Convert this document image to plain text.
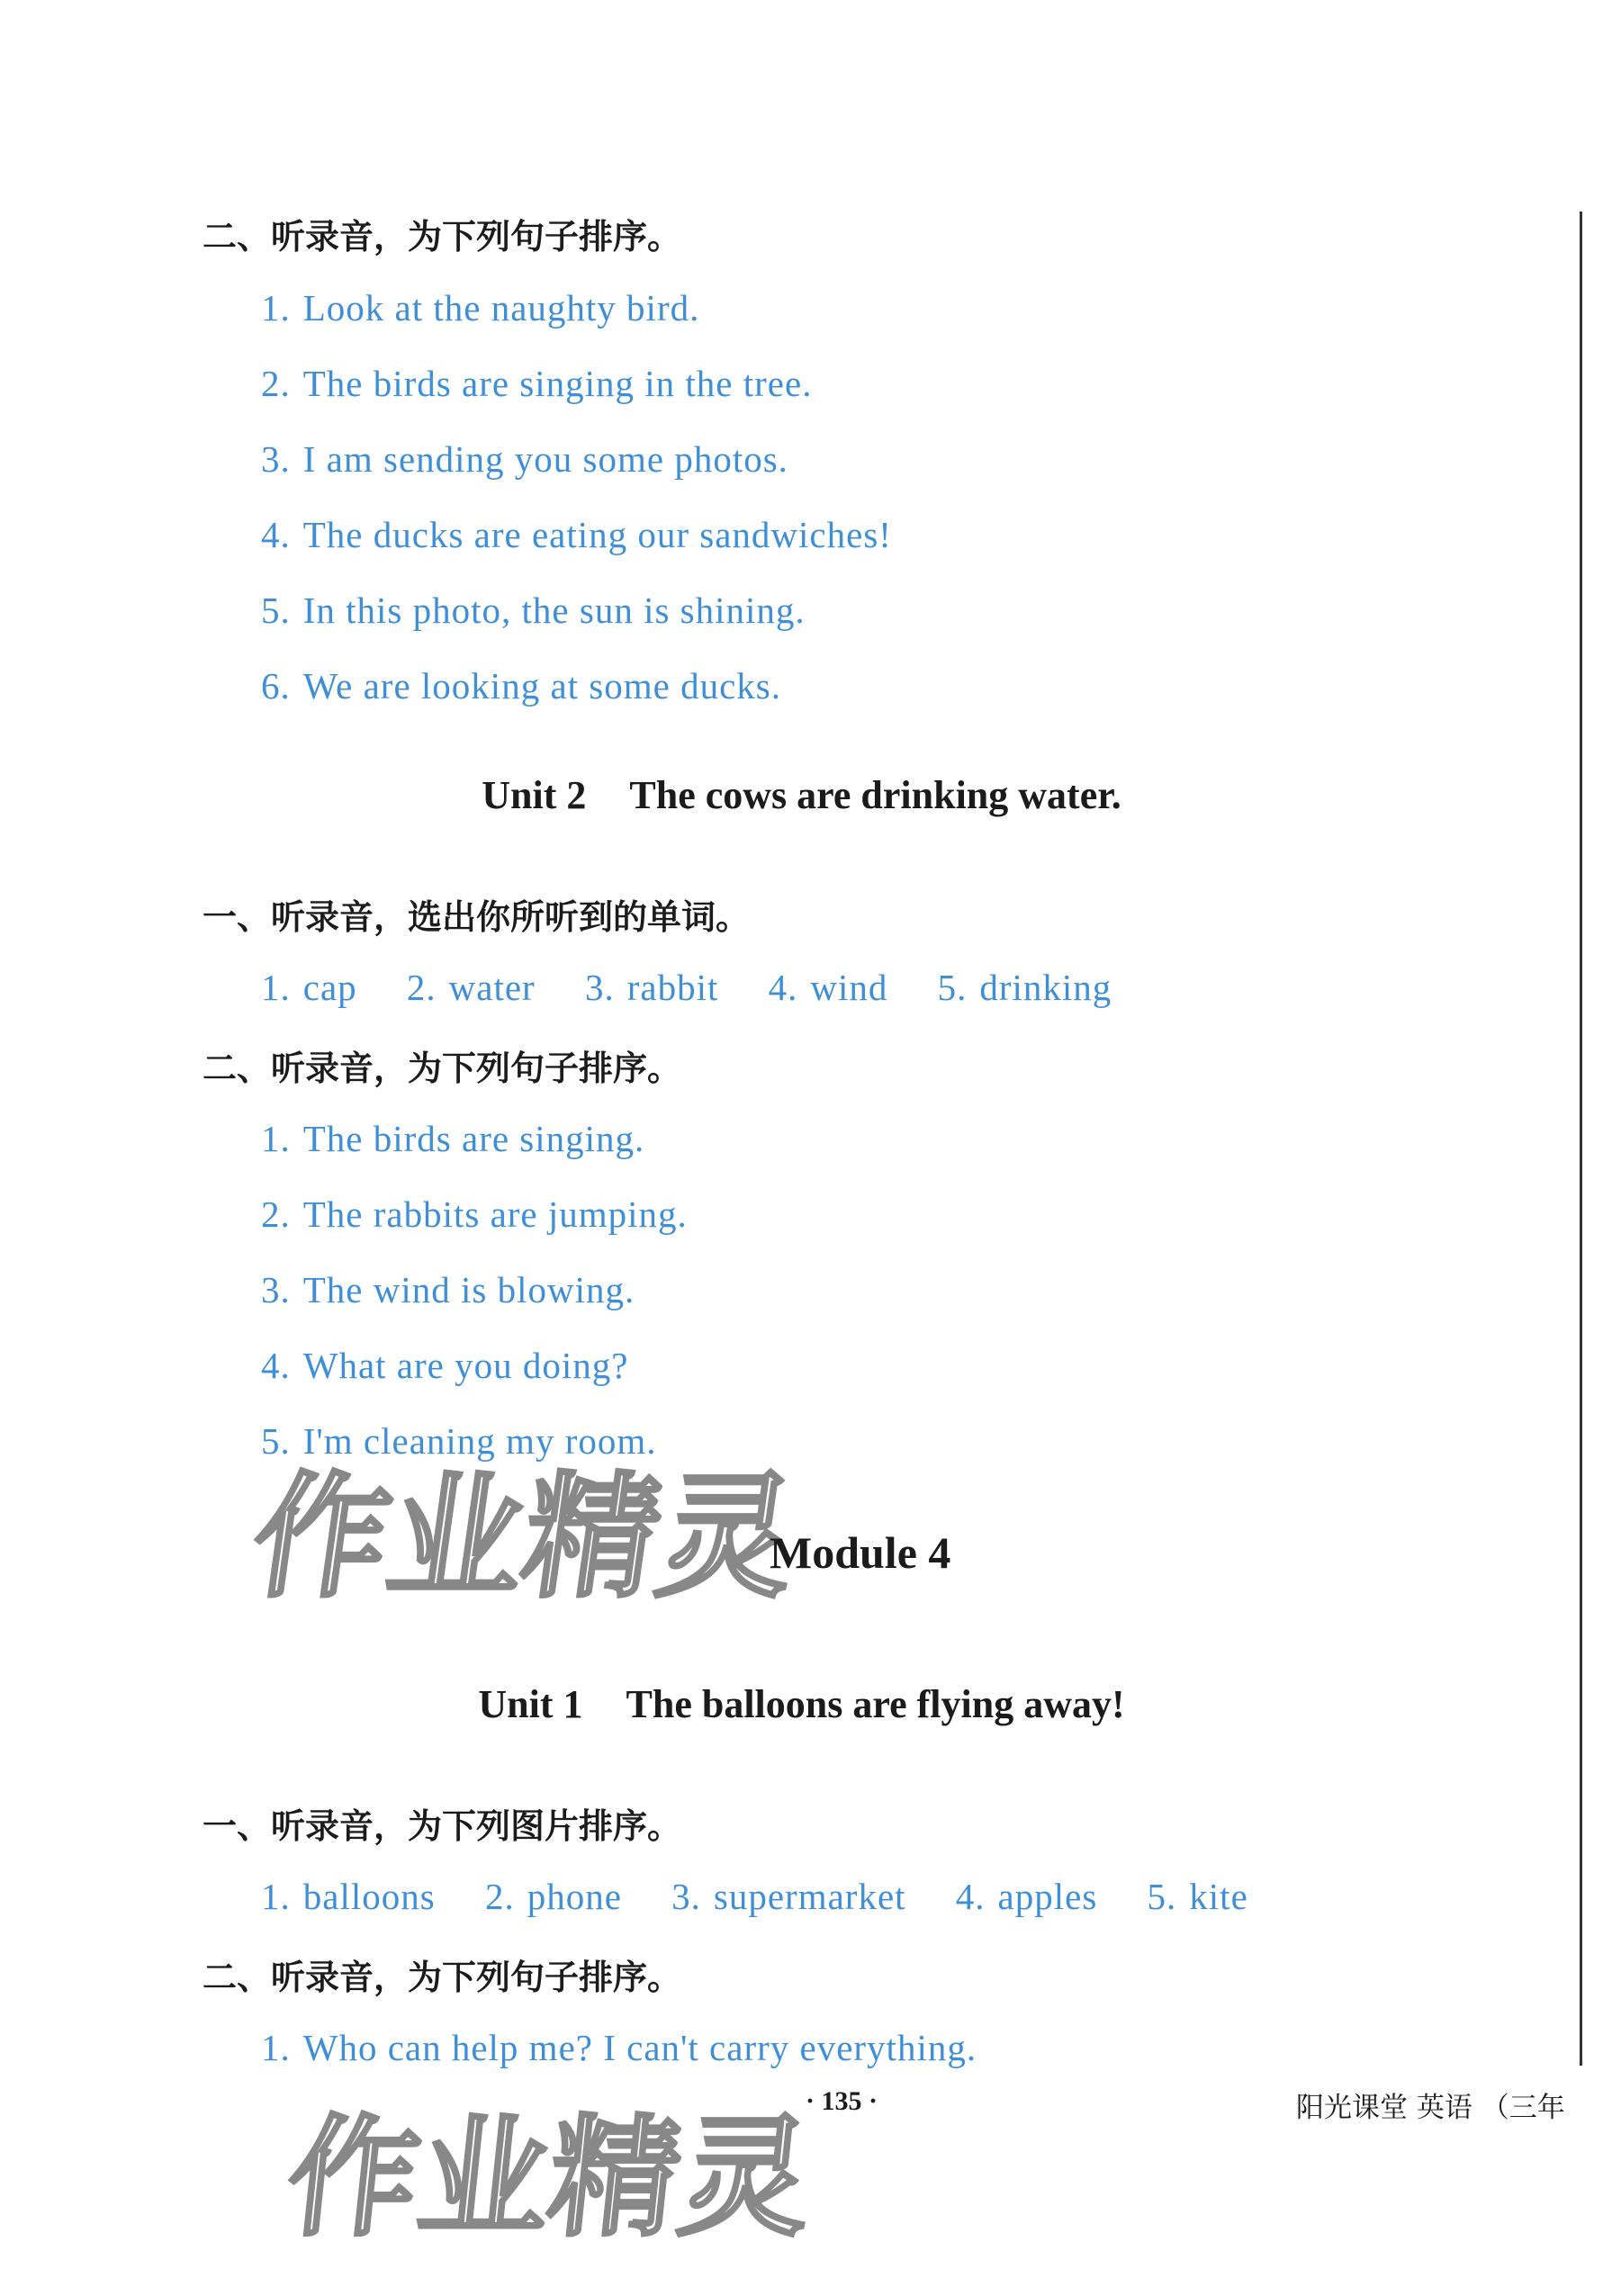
二、听录音，为下列句子排序。
1. Look at the naughty bird.
2. The birds are singing in the tree.
3. I am sending you some photos.
4. The ducks are eating our sandwiches!
5. In this photo, the sun is shining.
6. We are looking at some ducks.
Unit 2 The cows are drinking water.
一、听录音，选出你所听到的单词。
1. cap 2. water 3. rabbit 4. wind 5. drinking
二、听录音，为下列句子排序。
1. The birds are singing.
2. The rabbits are jumping.
3. The wind is blowing.
4. What are you doing?
5. I'm cleaning my room.
作业精灵
Module 4
Unit 1 The balloons are flying away!
一、听录音，为下列图片排序。
1. balloons 2. phone 3. supermarket 4. apples 5. kite
二、听录音，为下列句子排序。
1. Who can help me? I can't carry everything.
· 135 ·	阳光课堂 英语 （三年
作业精灵
